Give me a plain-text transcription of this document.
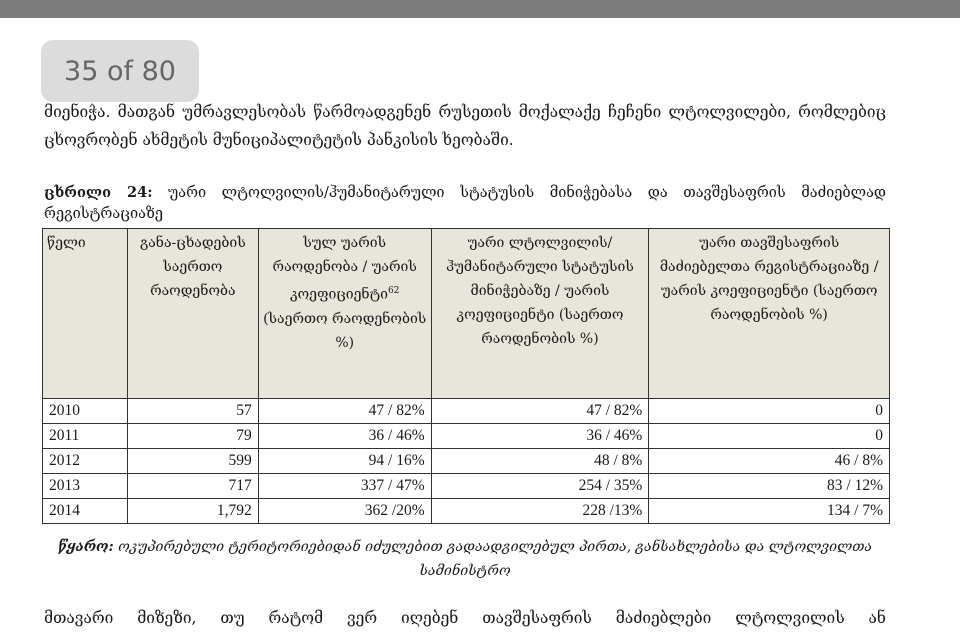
35 of 80
მიენიჭა. მათგან უმრავლესობას წარმოადგენენ რუსეთის მოქალაქე ჩეჩენი ლტოლვილები, რომლებიც ცხოვრობენ ახმეტის მუნიციპალიტეტის პანკისის ხეობაში.
ცხრილი 24: უარი ლტოლვილის/ჰუმანიტარული სტატუსის მინიჭებასა და თავშესაფრის მაძიებლად რეგისტრაციაზე
წელი	განა-ცხადების საერთო რაოდენობა	სულ უარის რაოდენობა / უარის კოეფიციენტი$^{62}$ (საერთო რაოდენობის %)	უარი ლტოლვილის/ჰუმანიტარული სტატუსის მინიჭებაზე / უარის კოეფიციენტი (საერთო რაოდენობის %)	უარი თავშესაფრის მაძიებელთა რეგისტრაციაზე / უარის კოეფიციენტი (საერთო რაოდენობის %)
2010	57	47 / 82%	47 / 82%	0
2011	79	36 / 46%	36 / 46%	0
2012	599	94 / 16%	48 / 8%	46 / 8%
2013	717	337 / 47%	254 / 35%	83 / 12%
2014	1,792	362 /20%	228 /13%	134 / 7%
წყარო: ოკუპირებული ტერიტორიებიდან იძულებით გადაადგილებულ პირთა, განსახლებისა და ლტოლვილთა სამინისტრო
მთავარი მიზეზი, თუ რატომ ვერ იღებენ თავშესაფრის მაძიებლები ლტოლვილის ან
